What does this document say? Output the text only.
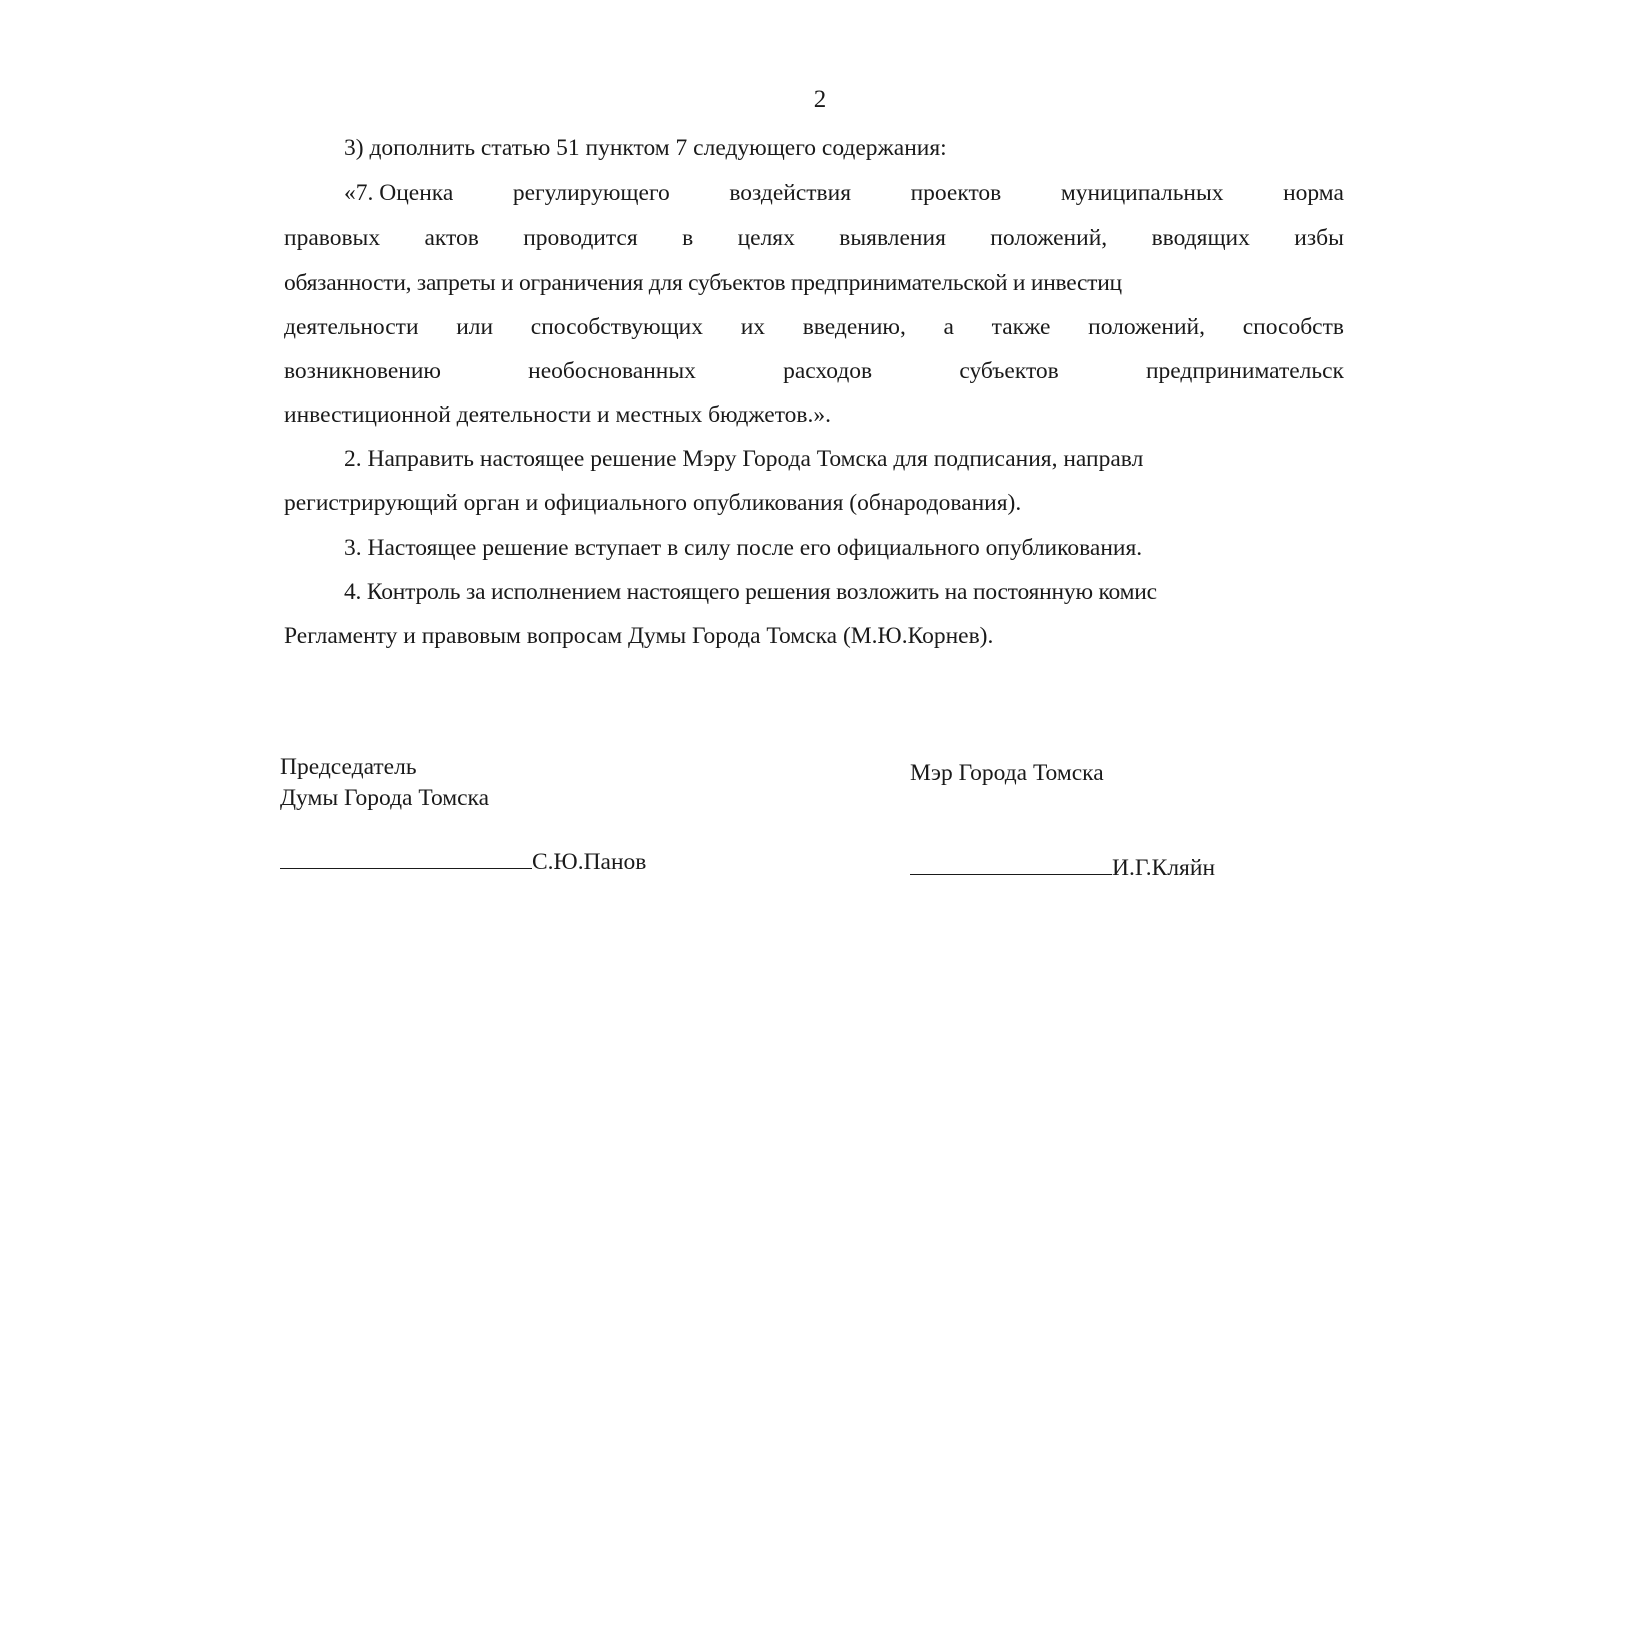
2
3) дополнить статью 51 пунктом 7 следующего содержания:
«7. Оценка	регулирующего	воздействия	проектов	муниципальных	норма
правовых актов проводится в целях выявления положений, вводящих избы
обязанности, запреты и ограничения для субъектов предпринимательской и инвестиц
деятельности или способствующих их введению, а также положений, способств
возникновению	необоснованных	расходов	субъектов	предпринимательск
инвестиционной деятельности и местных бюджетов.».
2. Направить настоящее решение Мэру Города Томска для подписания, направл
регистрирующий орган и официального опубликования (обнародования).
3. Настоящее решение вступает в силу после его официального опубликования.
4. Контроль за исполнением настоящего решения возложить на постоянную комис
Регламенту и правовым вопросам Думы Города Томска (М.Ю.Корнев).
Председатель
Думы Города Томска
Мэр Города Томска
С.Ю.Панов	И.Г.Кляйн
